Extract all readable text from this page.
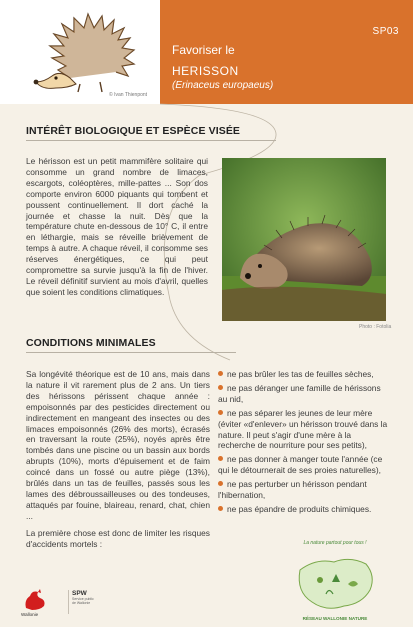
© Ivan Thienpont
SP03
Favoriser le
HERISSON
(Erinaceus europaeus)
INTÉRÊT BIOLOGIQUE ET ESPÈCE VISÉE
Le hérisson est un petit mammifère solitaire qui consomme un grand nombre de limaces, escargots, coléoptères, mille-pattes ... Son dos comporte environ 6000 piquants qui tombent et poussent continuellement. Il dort caché la journée et chasse la nuit. Dès que la température chute en-dessous de 10° C, il entre en léthargie, mais se réveille brièvement de temps à autre. A chaque réveil, il consomme ses réserves énergétiques, ce qui peut compromettre sa survie jusqu'à la fin de l'hiver. Le réveil définitif survient au mois d'avril, quelles que soient les conditions climatiques.
Photo : Fotolia
CONDITIONS MINIMALES

Sa longévité théorique est de 10 ans, mais dans la nature il vit rarement plus de 2 ans. Un tiers des hérissons périssent chaque année : empoisonnés par des pesticides directement ou indirectement en mangeant des insectes ou des limaces empoisonnés (26% des morts), écrasés en traversant la route (25%), noyés après être tombés dans une piscine ou un bassin aux bords abrupts (10%), morts d'épuisement et de faim coincé dans un fossé ou autre piège (13%), brûlés dans un tas de feuilles, passés sous les lames des débroussailleuses ou des tondeuses, attaqués par fouine, blaireau, renard, chat, chien ...

La première chose est donc de limiter les risques d'accidents mortels :

ne pas brûler les tas de feuilles sèches,
ne pas déranger une famille de hérissons au nid,
ne pas séparer les jeunes de leur mère (éviter «d'enlever» un hérisson trouvé dans la nature. Il peut s'agir d'une mère à la recherche de nourriture pour ses petits),
ne pas donner à manger toute l'année (ce qui le détournerait de ses proies naturelles),
ne pas perturber un hérisson pendant l'hibernation,
ne pas épandre de produits chimiques.
Wallonie
SPW
Service public de Wallonie
La nature partout pour tous !
RÉSEAU WALLONIE NATURE
